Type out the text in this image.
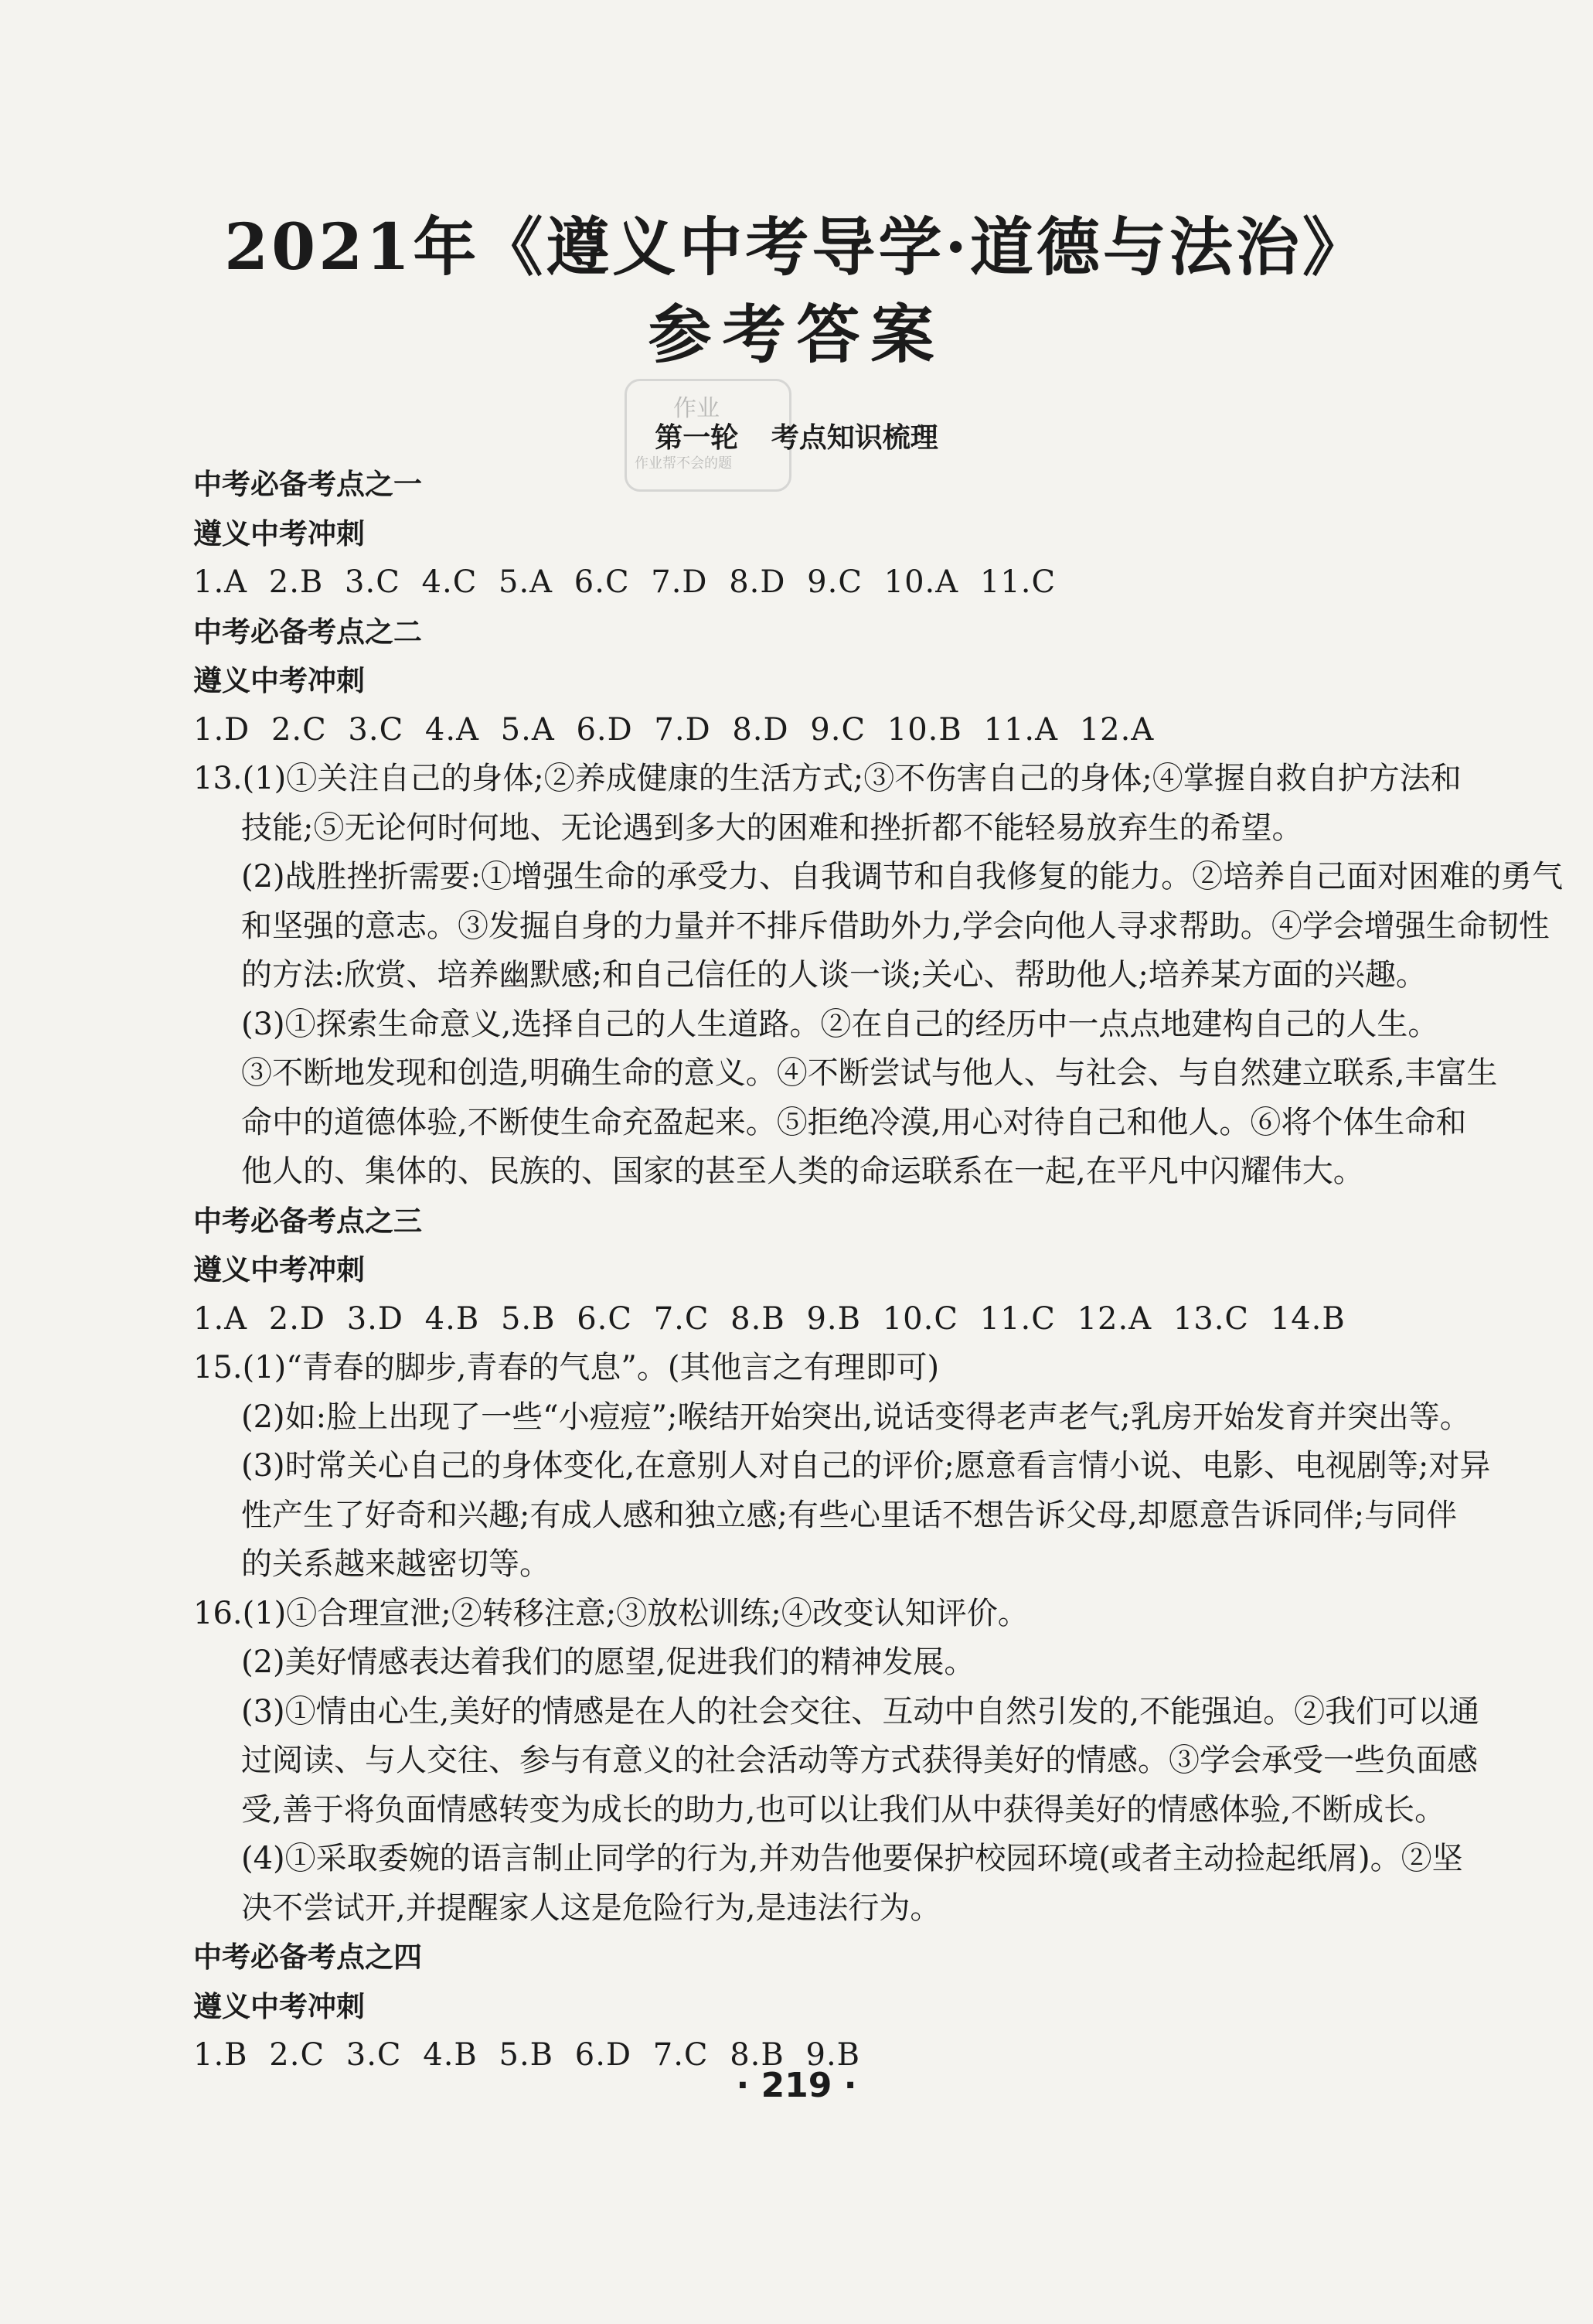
2021年《遵义中考导学·道德与法治》
参考答案
作业
作业帮不会的题
第一轮 考点知识梳理
中考必备考点之一
遵义中考冲刺
1.A 2.B 3.C 4.C 5.A 6.C 7.D 8.D 9.C 10.A 11.C
中考必备考点之二
遵义中考冲刺
1.D 2.C 3.C 4.A 5.A 6.D 7.D 8.D 9.C 10.B 11.A 12.A
13.(1)①关注自己的身体;②养成健康的生活方式;③不伤害自己的身体;④掌握自救自护方法和
技能;⑤无论何时何地、无论遇到多大的困难和挫折都不能轻易放弃生的希望。
(2)战胜挫折需要:①增强生命的承受力、自我调节和自我修复的能力。②培养自己面对困难的勇气
和坚强的意志。③发掘自身的力量并不排斥借助外力,学会向他人寻求帮助。④学会增强生命韧性
的方法:欣赏、培养幽默感;和自己信任的人谈一谈;关心、帮助他人;培养某方面的兴趣。
(3)①探索生命意义,选择自己的人生道路。②在自己的经历中一点点地建构自己的人生。
③不断地发现和创造,明确生命的意义。④不断尝试与他人、与社会、与自然建立联系,丰富生
命中的道德体验,不断使生命充盈起来。⑤拒绝冷漠,用心对待自己和他人。⑥将个体生命和
他人的、集体的、民族的、国家的甚至人类的命运联系在一起,在平凡中闪耀伟大。
中考必备考点之三
遵义中考冲刺
1.A 2.D 3.D 4.B 5.B 6.C 7.C 8.B 9.B 10.C 11.C 12.A 13.C 14.B
15.(1)“青春的脚步,青春的气息”。(其他言之有理即可)
(2)如:脸上出现了一些“小痘痘”;喉结开始突出,说话变得老声老气;乳房开始发育并突出等。
(3)时常关心自己的身体变化,在意别人对自己的评价;愿意看言情小说、电影、电视剧等;对异
性产生了好奇和兴趣;有成人感和独立感;有些心里话不想告诉父母,却愿意告诉同伴;与同伴
的关系越来越密切等。
16.(1)①合理宣泄;②转移注意;③放松训练;④改变认知评价。
(2)美好情感表达着我们的愿望,促进我们的精神发展。
(3)①情由心生,美好的情感是在人的社会交往、互动中自然引发的,不能强迫。②我们可以通
过阅读、与人交往、参与有意义的社会活动等方式获得美好的情感。③学会承受一些负面感
受,善于将负面情感转变为成长的助力,也可以让我们从中获得美好的情感体验,不断成长。
(4)①采取委婉的语言制止同学的行为,并劝告他要保护校园环境(或者主动捡起纸屑)。②坚
决不尝试开,并提醒家人这是危险行为,是违法行为。
中考必备考点之四
遵义中考冲刺
1.B 2.C 3.C 4.B 5.B 6.D 7.C 8.B 9.B
· 219 ·
